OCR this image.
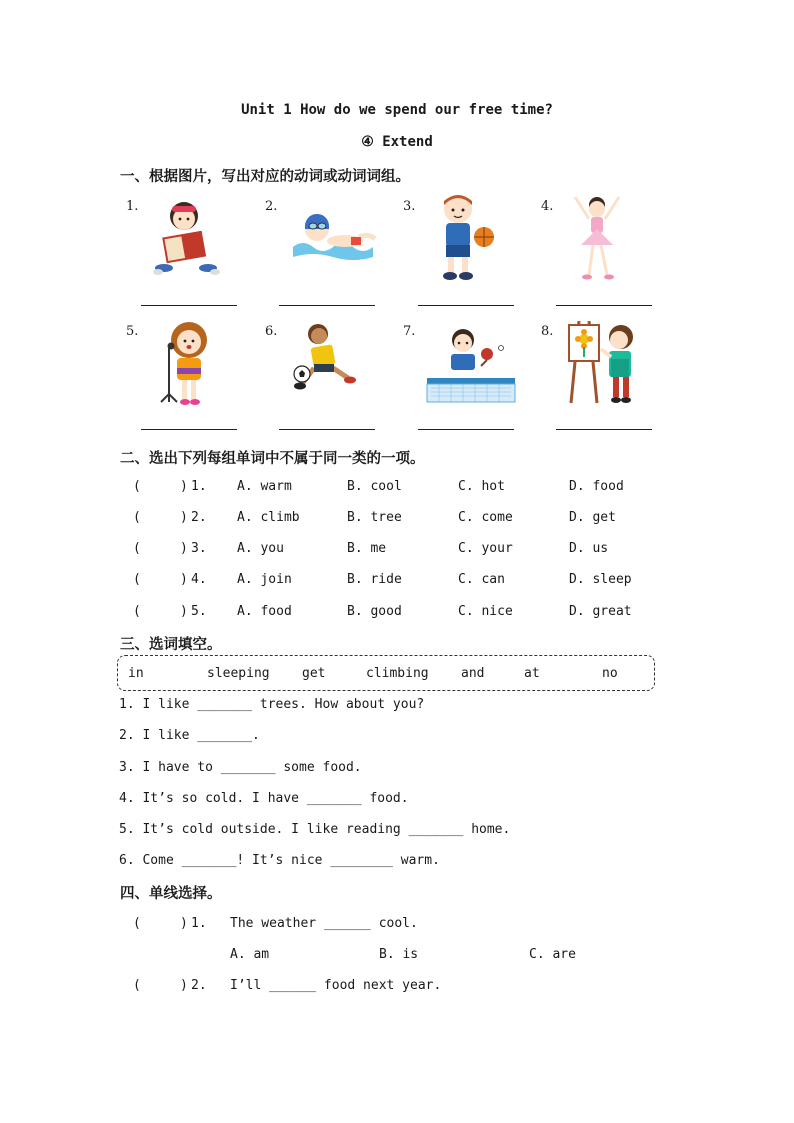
Unit 1 How do we spend our free time?
④ Extend
一、根据图片，写出对应的动词或动词词组。
1.	2.	3.	4.
5.	6.	7.	8.
二、选出下列每组单词中不属于同一类的一项。
(     ) 1. A. warm	B. cool	C. hot	D. food
(     ) 2. A. climb	B. tree	C. come	D. get
(     ) 3. A. you	B. me	C. your	D. us
(     ) 4. A. join	B. ride	C. can	D. sleep
(     ) 5. A. food	B. good	C. nice	D. great
三、选词填空。
in	sleeping get	climbing and	at	no
1. I like _______ trees. How about you?
2. I like _______.
3. I have to _______ some food.
4. It’s so cold. I have _______ food.
5. It’s cold outside. I like reading _______ home.
6. Come _______! It’s nice ________ warm.
四、单线选择。
(     ) 1. The weather ______ cool.
A. am	B. is	C. are
(     ) 2. I’ll ______ food next year.
